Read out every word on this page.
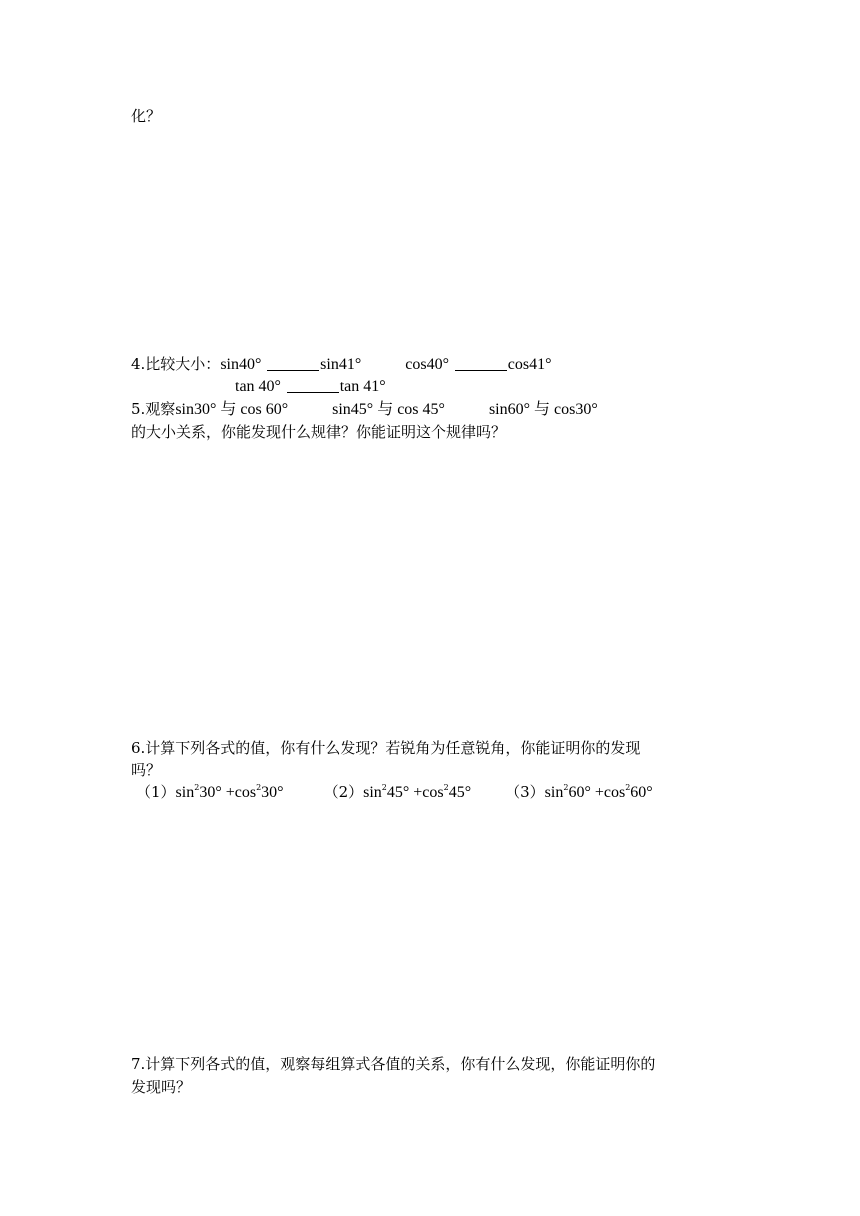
化？
4.比较大小：sin40°	sin41°	cos40°	cos41°
tan 40°	tan 41°
5.观察sin30° 与 cos 60°	sin45° 与 cos 45°	sin60° 与 cos30°
的大小关系，你能发现什么规律？你能证明这个规律吗？
6.计算下列各式的值，你有什么发现？若锐角为任意锐角，你能证明你的发现
吗？
$(1)\sin^230^\circ +\cos^230^\circ$	$(2)\sin^245^\circ +\cos^245^\circ$ $(3)\sin^260^\circ +\cos^260^\circ$
7.计算下列各式的值，观察每组算式各值的关系，你有什么发现，你能证明你的
发现吗？
